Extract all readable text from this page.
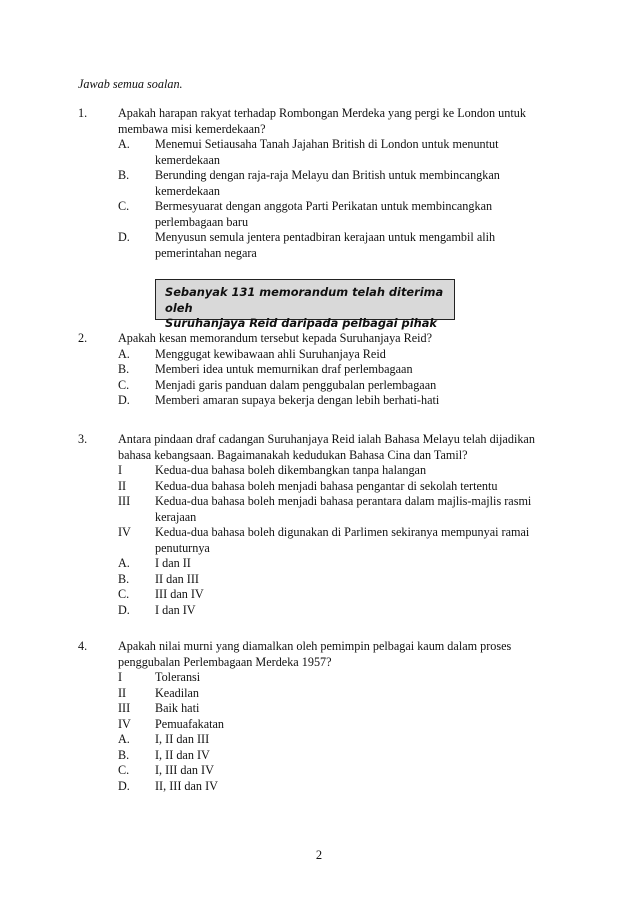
Jawab semua soalan.
1.	Apakah harapan rakyat terhadap Rombongan Merdeka yang pergi ke London untuk
membawa misi kemerdekaan?
A. Menemui Setiausaha Tanah Jajahan British di London untuk menuntut
kemerdekaan
B. Berunding dengan raja-raja Melayu dan British untuk membincangkan
kemerdekaan
C. Bermesyuarat dengan anggota Parti Perikatan untuk membincangkan
perlembagaan baru
D. Menyusun semula jentera pentadbiran kerajaan untuk mengambil alih
pemerintahan negara
Sebanyak 131 memorandum telah diterima oleh
Suruhanjaya Reid daripada pelbagai pihak
2.	Apakah kesan memorandum tersebut kepada Suruhanjaya Reid?
A. Menggugat kewibawaan ahli Suruhanjaya Reid
B. Memberi idea untuk memurnikan draf perlembagaan
C. Menjadi garis panduan dalam penggubalan perlembagaan
D. Memberi amaran supaya bekerja dengan lebih berhati-hati
3.	Antara pindaan draf cadangan Suruhanjaya Reid ialah Bahasa Melayu telah dijadikan
bahasa kebangsaan. Bagaimanakah kedudukan Bahasa Cina dan Tamil?
I	Kedua-dua bahasa boleh dikembangkan tanpa halangan
II Kedua-dua bahasa boleh menjadi bahasa pengantar di sekolah tertentu
III Kedua-dua bahasa boleh menjadi bahasa perantara dalam majlis-majlis rasmi
kerajaan
IV Kedua-dua bahasa boleh digunakan di Parlimen sekiranya mempunyai ramai
penuturnya
A. I dan II
B. II dan III
C. III dan IV
D. I dan IV
4.	Apakah nilai murni yang diamalkan oleh pemimpin pelbagai kaum dalam proses
penggubalan Perlembagaan Merdeka 1957?
I	Toleransi
II Keadilan
III Baik hati
IV Pemuafakatan
A. I, II dan III
B. I, II dan IV
C. I, III dan IV
D. II, III dan IV
2
